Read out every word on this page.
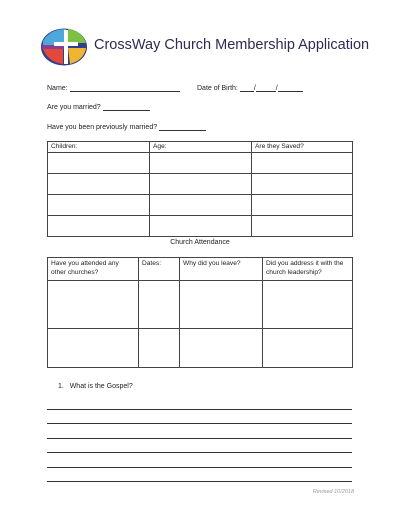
CrossWay Church Membership Application
Name:	Date of Birth: /	/
Are you married?
Have you been previously married?
Children:	Age:	Are they Saved?

Church Attendance
Have you attended any other churches?	Dates:	Why did you leave?	Did you address it with the church leadership?

1. What is the Gospel?
Revised 10/2018
